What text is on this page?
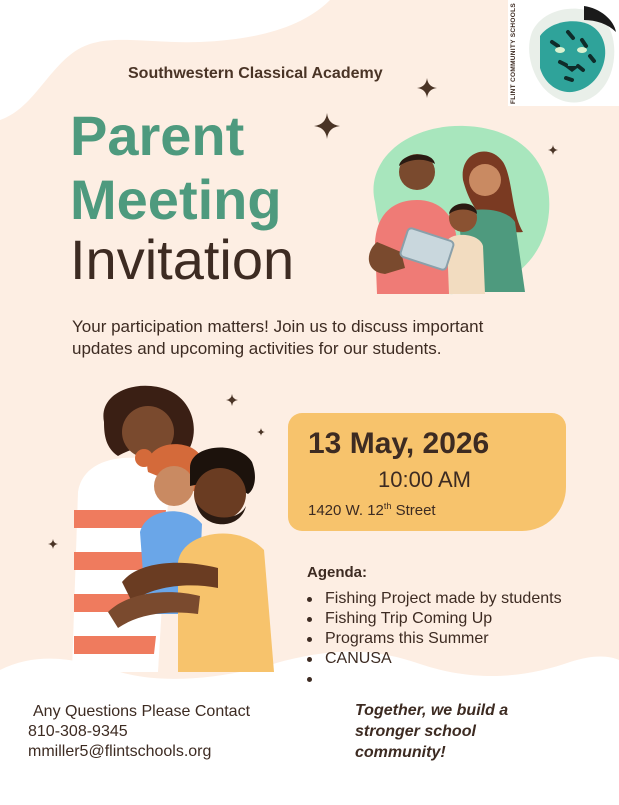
FLINT COMMUNITY SCHOOLS
Southwestern Classical Academy
Parent
Meeting
Invitation
Your participation matters! Join us to discuss important
updates and upcoming activities for our students.
13 May, 2026
10:00 AM
1420 W. 12th Street
Agenda:
Fishing Project made by students
Fishing Trip Coming Up
Programs this Summer
CANUSA
Any Questions Please Contact
810-308-9345
mmiller5@flintschools.org
Together, we build a
stronger school
community!
